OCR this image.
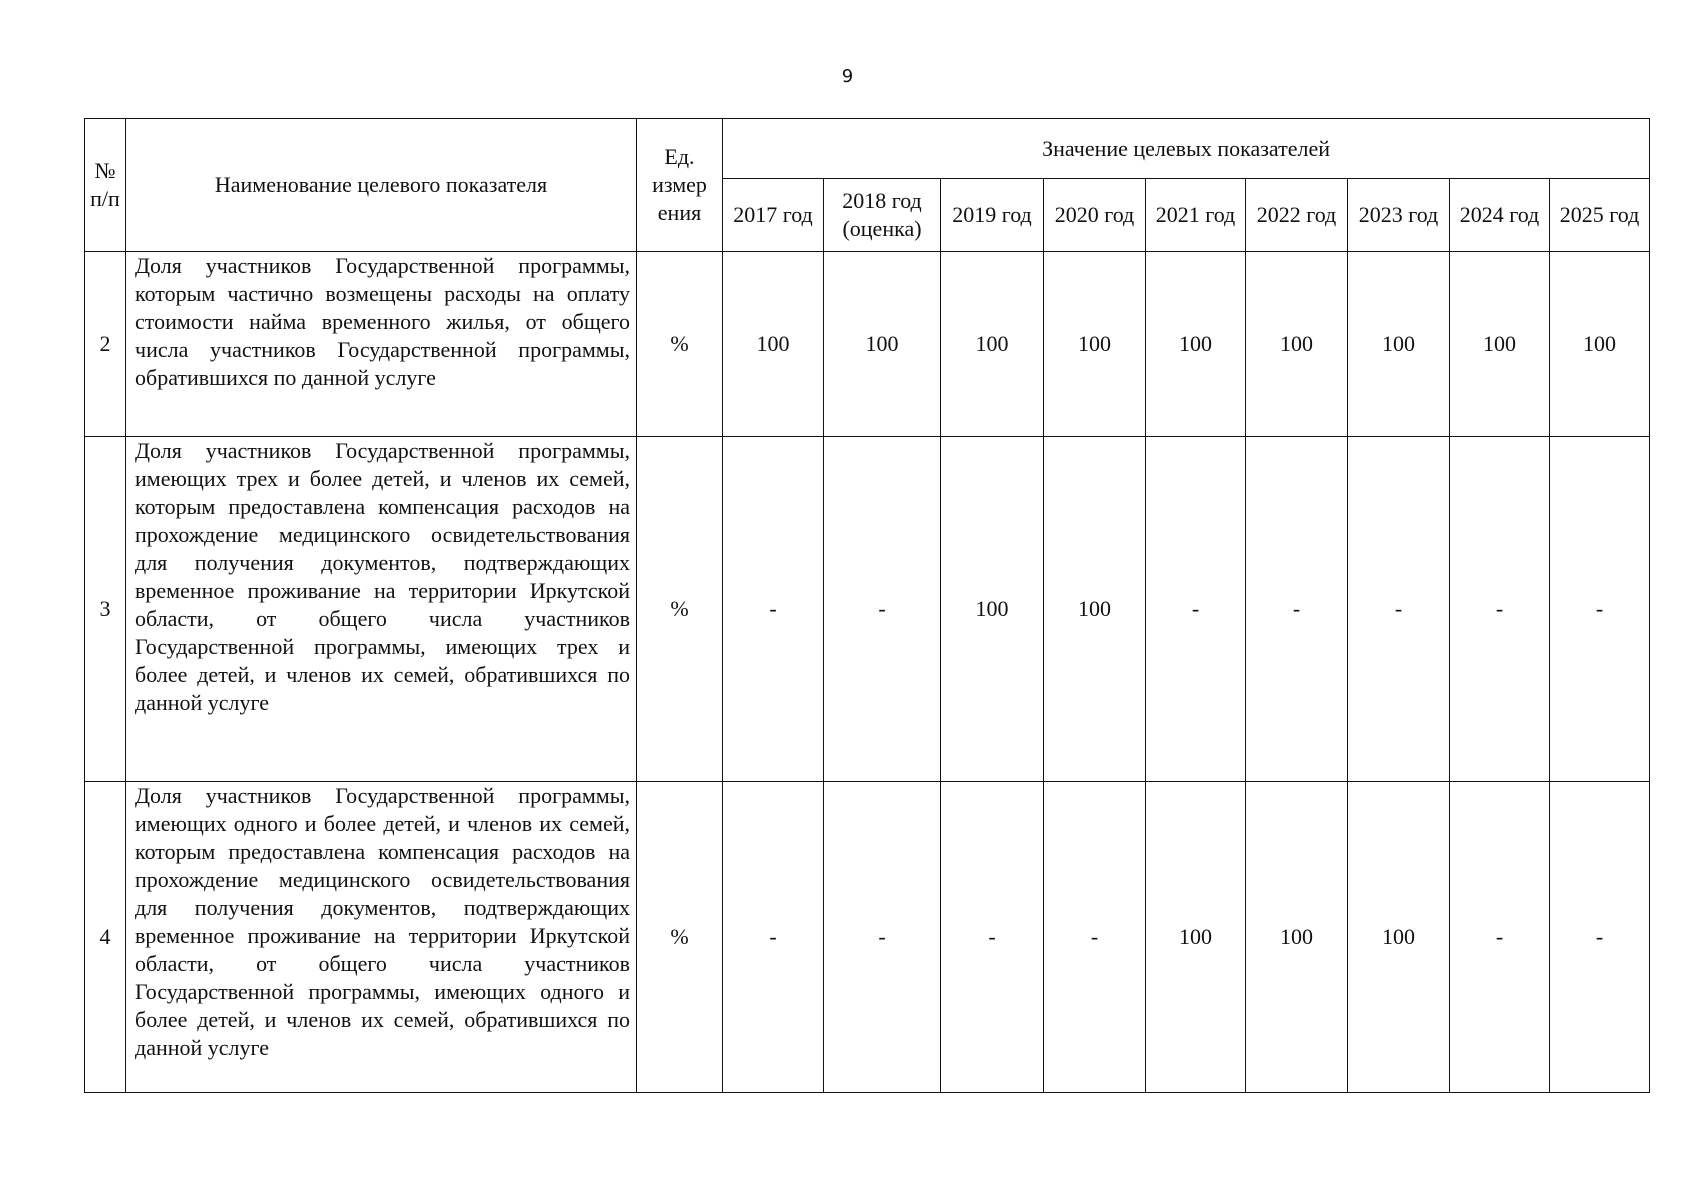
9
№ п/п	Наименование целевого показателя	Ед. измер ения	Значение целевых показателей								
			2017 год	2018 год (оценка)	2019 год	2020 год	2021 год	2022 год	2023 год	2024 год	2025 год
2	Доля участников Государственной программы, которым частично возмещены расходы на оплату стоимости найма временного жилья, от общего числа участников Государственной программы, обратившихся по данной услуге	%	100	100	100	100	100	100	100	100	100
3	Доля участников Государственной программы, имеющих трех и более детей, и членов их семей, которым предоставлена компенсация расходов на прохождение медицинского освидетельствования для получения документов, подтверждающих временное проживание на территории Иркутской области, от общего числа участников Государственной программы, имеющих трех и более детей, и членов их семей, обратившихся по данной услуге	%	-	-	100	100	-	-	-	-	-
4	Доля участников Государственной программы, имеющих одного и более детей, и членов их семей, которым предоставлена компенсация расходов на прохождение медицинского освидетельствования для получения документов, подтверждающих временное проживание на территории Иркутской области, от общего числа участников Государственной программы, имеющих одного и более детей, и членов их семей, обратившихся по данной услуге	%	-	-	-	-	100	100	100	-	-
